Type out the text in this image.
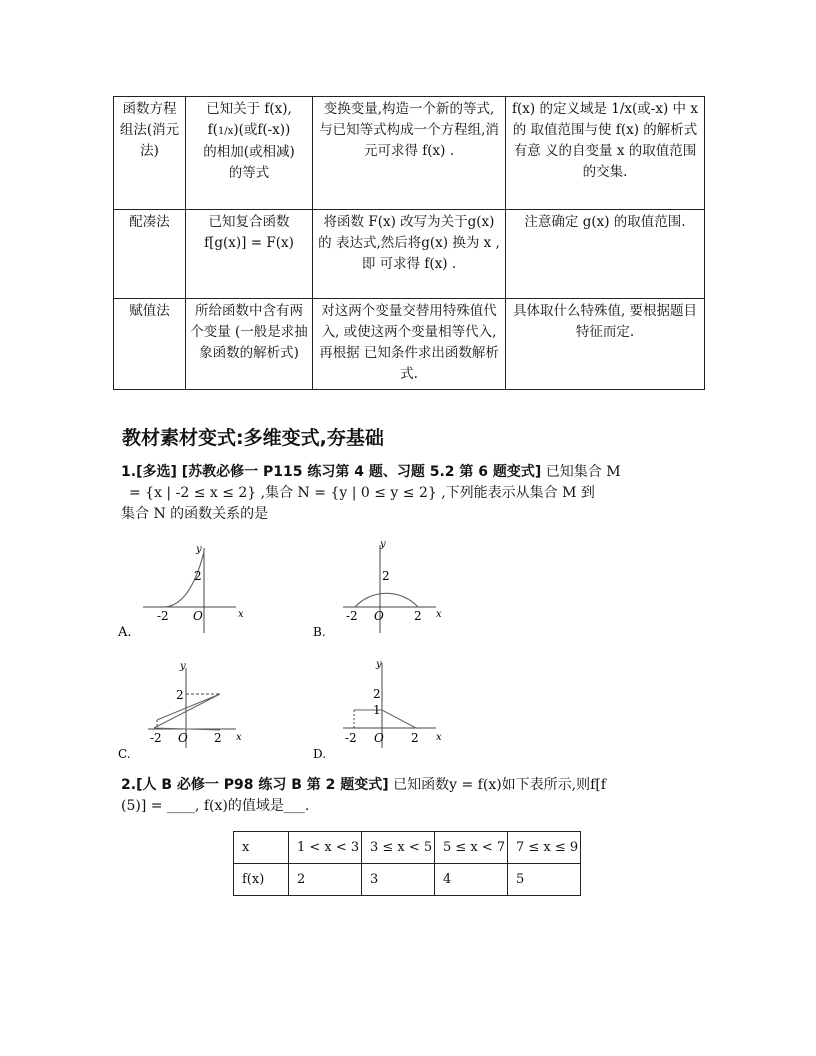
函数方程 组法(消元法)	已知关于 f(x),
f(1/x)(或f(-x))
的相加(或相减)
的等式	变换变量,构造一个新的等式, 与已知等式构成一个方程组,消 元可求得 f(x) .	f(x) 的定义域是 1/x(或-x) 中 x 的 取值范围与使 f(x) 的解析式有意 义的自变量 x 的取值范围的交集.
配凑法	已知复合函数 f[g(x)] = F(x)	将函数 F(x) 改写为关于g(x) 的 表达式,然后将g(x) 换为 x ,即 可求得 f(x) .	注意确定 g(x) 的取值范围.
赋值法	所给函数中含有两个变量 (一般是求抽象函数的解析式)	对这两个变量交替用特殊值代入, 或使这两个变量相等代入, 再根据 已知条件求出函数解析式.	具体取什么特殊值, 要根据题目 特征而定.
教材素材变式:多维变式,夯基础
1.[多选] [苏教必修一 P115 练习第 4 题、习题 5.2 第 6 题变式] 已知集合 M
= {x | -2 ≤ x ≤ 2} ,集合 N = {y | 0 ≤ y ≤ 2} ,下列能表示从集合 M 到
集合 N 的函数关系的是
y
x
2
-2 O
A.
y
x
2
-2	2
O
B.
y
x
2
-2	2
O
C.
y
x
2
1
-2	2
O
D.
2.[人 B 必修一 P98 练习 B 第 2 题变式] 已知函数y = f(x)如下表所示,则f[f
(5)] = ____, f(x)的值域是___.
x	1 < x < 3	3 ≤ x < 5	5 ≤ x < 7	7 ≤ x ≤ 9
f(x)	2	3	4	5
